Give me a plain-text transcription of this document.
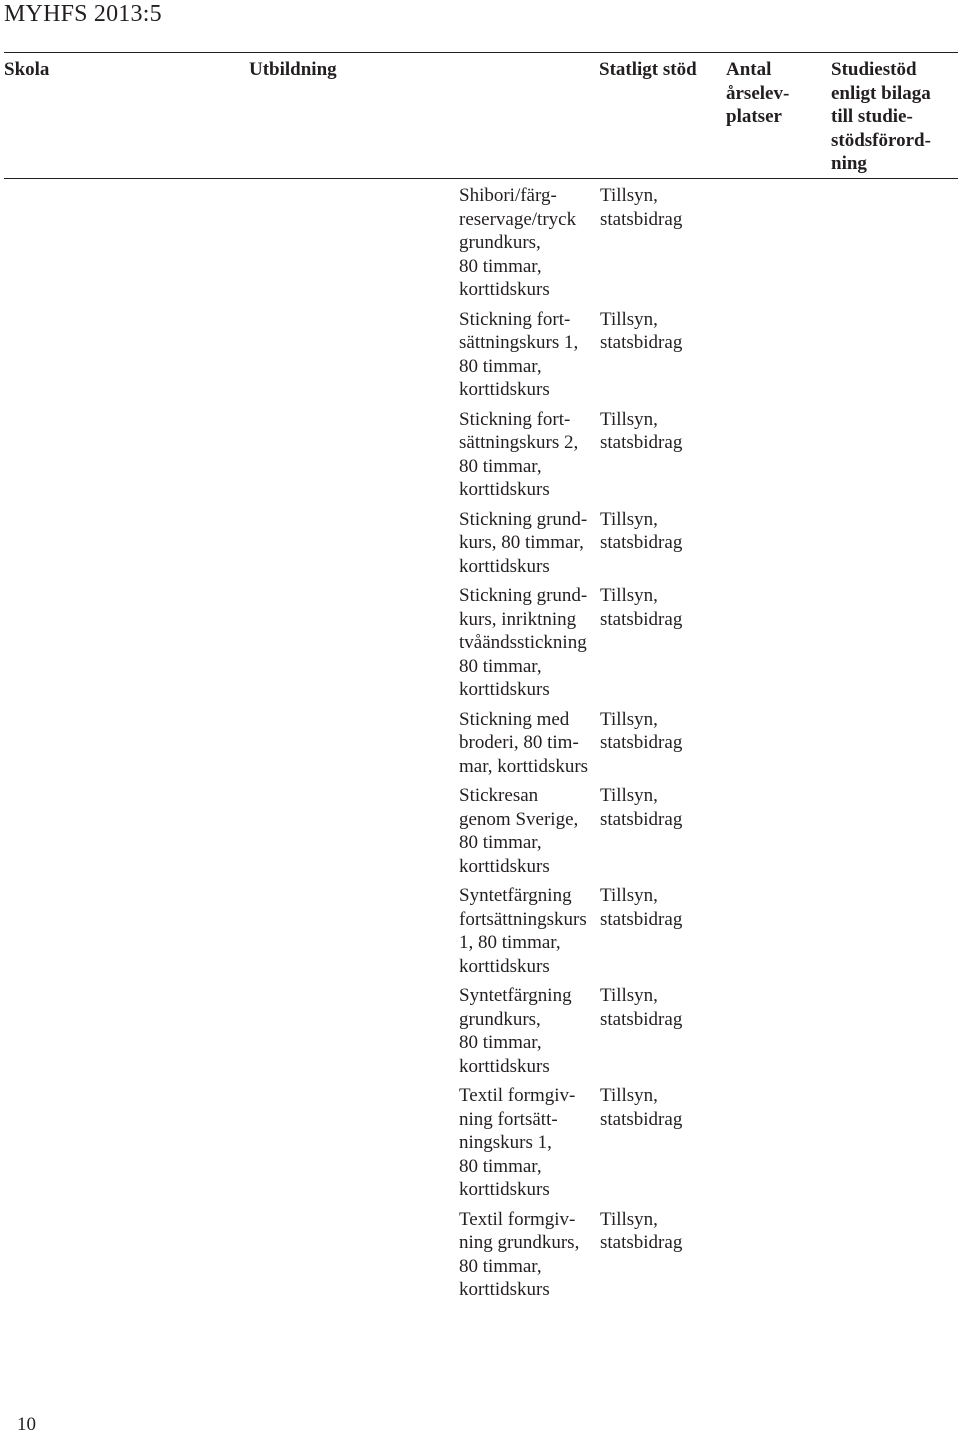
MYHFS 2013:5
Skola	Utbildning	Statligt stöd Antal
årselev-
platser
Studiestöd
enligt bilaga
till studie-
stödsförord-
ning
Shibori/färg-
reservage/tryck
grundkurs,
80 timmar,
korttidskurs
Tillsyn,
statsbidrag
Stickning fort-
sättningskurs 1,
80 timmar,
korttidskurs
Tillsyn,
statsbidrag
Stickning fort-
sättningskurs 2,
80 timmar,
korttidskurs
Tillsyn,
statsbidrag
Stickning grund-
kurs, 80 timmar,
korttidskurs
Tillsyn,
statsbidrag
Stickning grund-
kurs, inriktning
tvåändsstickning
80 timmar,
korttidskurs
Tillsyn,
statsbidrag
Stickning med
broderi, 80 tim-
mar, korttidskurs
Tillsyn,
statsbidrag
Stickresan
genom Sverige,
80 timmar,
korttidskurs
Tillsyn,
statsbidrag
Syntetfärgning
fortsättningskurs
1, 80 timmar,
korttidskurs
Tillsyn,
statsbidrag
Syntetfärgning
grundkurs,
80 timmar,
korttidskurs
Tillsyn,
statsbidrag
Textil formgiv-
ning fortsätt-
ningskurs 1,
80 timmar,
korttidskurs
Tillsyn,
statsbidrag
Textil formgiv-
ning grundkurs,
80 timmar,
korttidskurs
Tillsyn,
statsbidrag
10
